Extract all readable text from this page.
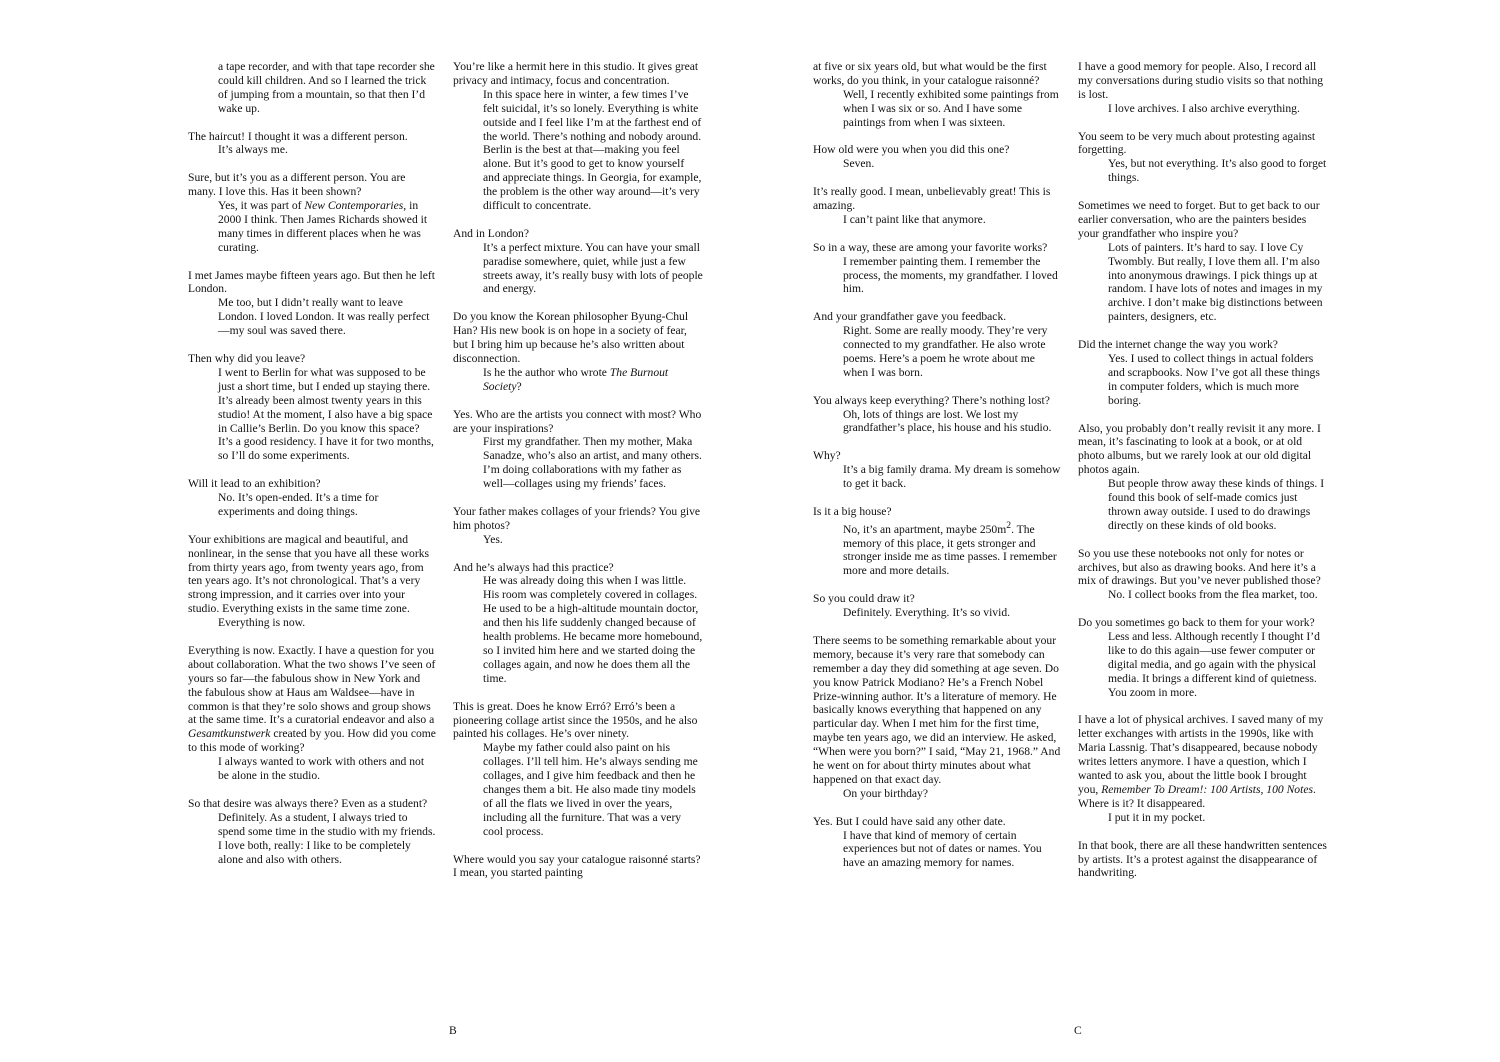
a tape recorder, and with that tape recorder she could kill children. And so I learned the trick of jumping from a mountain, so that then I’d wake up.

The haircut! I thought it was a different person.

It’s always me.

Sure, but it’s you as a different person. You are many. I love this. Has it been shown?

Yes, it was part of New Contemporaries, in 2000 I think. Then James Richards showed it many times in different places when he was curating.

I met James maybe fifteen years ago. But then he left London.

Me too, but I didn’t really want to leave London. I loved London. It was really perfect—my soul was saved there.

Then why did you leave?

I went to Berlin for what was supposed to be just a short time, but I ended up staying there. It’s already been almost twenty years in this studio! At the moment, I also have a big space in Callie’s Berlin. Do you know this space? It’s a good residency. I have it for two months, so I’ll do some experiments.

Will it lead to an exhibition?

No. It’s open-ended. It’s a time for experiments and doing things.

Your exhibitions are magical and beautiful, and nonlinear, in the sense that you have all these works from thirty years ago, from twenty years ago, from ten years ago. It’s not chronological. That’s a very strong impression, and it carries over into your studio. Everything exists in the same time zone.

Everything is now.

Everything is now. Exactly. I have a question for you about collaboration. What the two shows I’ve seen of yours so far—the fabulous show in New York and the fabulous show at Haus am Waldsee—have in common is that they’re solo shows and group shows at the same time. It’s a curatorial endeavor and also a Gesamtkunstwerk created by you. How did you come to this mode of working?

I always wanted to work with others and not be alone in the studio.

So that desire was always there? Even as a student?

Definitely. As a student, I always tried to spend some time in the studio with my friends. I love both, really: I like to be completely alone and also with others.

You’re like a hermit here in this studio. It gives great privacy and intimacy, focus and concentration.

In this space here in winter, a few times I’ve felt suicidal, it’s so lonely. Everything is white outside and I feel like I’m at the farthest end of the world. There’s nothing and nobody around. Berlin is the best at that—making you feel alone. But it’s good to get to know yourself and appreciate things. In Georgia, for example, the problem is the other way around—it’s very difficult to concentrate.

And in London?

It’s a perfect mixture. You can have your small paradise somewhere, quiet, while just a few streets away, it’s really busy with lots of people and energy.

Do you know the Korean philosopher Byung-Chul Han? His new book is on hope in a society of fear, but I bring him up because he’s also written about disconnection.

Is he the author who wrote The Burnout Society?

Yes. Who are the artists you connect with most? Who are your inspirations?

First my grandfather. Then my mother, Maka Sanadze, who’s also an artist, and many others. I’m doing collaborations with my father as well—collages using my friends’ faces.

Your father makes collages of your friends? You give him photos?

Yes.

And he’s always had this practice?

He was already doing this when I was little. His room was completely covered in collages. He used to be a high-altitude mountain doctor, and then his life suddenly changed because of health problems. He became more homebound, so I invited him here and we started doing the collages again, and now he does them all the time.

This is great. Does he know Erró? Erró’s been a pioneering collage artist since the 1950s, and he also painted his collages. He’s over ninety.

Maybe my father could also paint on his collages. I’ll tell him. He’s always sending me collages, and I give him feedback and then he changes them a bit. He also made tiny models of all the flats we lived in over the years, including all the furniture. That was a very cool process.

Where would you say your catalogue raisonné starts? I mean, you started painting

at five or six years old, but what would be the first works, do you think, in your catalogue raisonné?

Well, I recently exhibited some paintings from when I was six or so. And I have some paintings from when I was sixteen.

How old were you when you did this one?

Seven.

It’s really good. I mean, unbelievably great! This is amazing.

I can’t paint like that anymore.

So in a way, these are among your favorite works?

I remember painting them. I remember the process, the moments, my grandfather. I loved him.

And your grandfather gave you feedback.

Right. Some are really moody. They’re very connected to my grandfather. He also wrote poems. Here’s a poem he wrote about me when I was born.

You always keep everything? There’s nothing lost?

Oh, lots of things are lost. We lost my grandfather’s place, his house and his studio.

Why?

It’s a big family drama. My dream is somehow to get it back.

Is it a big house?

No, it’s an apartment, maybe $250m^2$. The memory of this place, it gets stronger and stronger inside me as time passes. I remember more and more details.

So you could draw it?

Definitely. Everything. It’s so vivid.

There seems to be something remarkable about your memory, because it’s very rare that somebody can remember a day they did something at age seven. Do you know Patrick Modiano? He’s a French Nobel Prize-winning author. It’s a literature of memory. He basically knows everything that happened on any particular day. When I met him for the first time, maybe ten years ago, we did an interview. He asked, “When were you born?” I said, “May 21, 1968.” And he went on for about thirty minutes about what happened on that exact day.

On your birthday?

Yes. But I could have said any other date.

I have that kind of memory of certain experiences but not of dates or names. You have an amazing memory for names.

I have a good memory for people. Also, I record all my conversations during studio visits so that nothing is lost.

I love archives. I also archive everything.

You seem to be very much about protesting against forgetting.

Yes, but not everything. It’s also good to forget things.

Sometimes we need to forget. But to get back to our earlier conversation, who are the painters besides your grandfather who inspire you?

Lots of painters. It’s hard to say. I love Cy Twombly. But really, I love them all. I’m also into anonymous drawings. I pick things up at random. I have lots of notes and images in my archive. I don’t make big distinctions between painters, designers, etc.

Did the internet change the way you work?

Yes. I used to collect things in actual folders and scrapbooks. Now I’ve got all these things in computer folders, which is much more boring.

Also, you probably don’t really revisit it any more. I mean, it’s fascinating to look at a book, or at old photo albums, but we rarely look at our old digital photos again.

But people throw away these kinds of things. I found this book of self-made comics just thrown away outside. I used to do drawings directly on these kinds of old books.

So you use these notebooks not only for notes or archives, but also as drawing books. And here it’s a mix of drawings. But you’ve never published those?

No. I collect books from the flea market, too.

Do you sometimes go back to them for your work?

Less and less. Although recently I thought I’d like to do this again—use fewer computer or digital media, and go again with the physical media. It brings a different kind of quietness. You zoom in more.

I have a lot of physical archives. I saved many of my letter exchanges with artists in the 1990s, like with Maria Lassnig. That’s disappeared, because nobody writes letters anymore. I have a question, which I wanted to ask you, about the little book I brought you, Remember To Dream!: 100 Artists, 100 Notes. Where is it? It disappeared.

I put it in my pocket.

In that book, there are all these handwritten sentences by artists. It’s a protest against the disappearance of handwriting.

B	C
